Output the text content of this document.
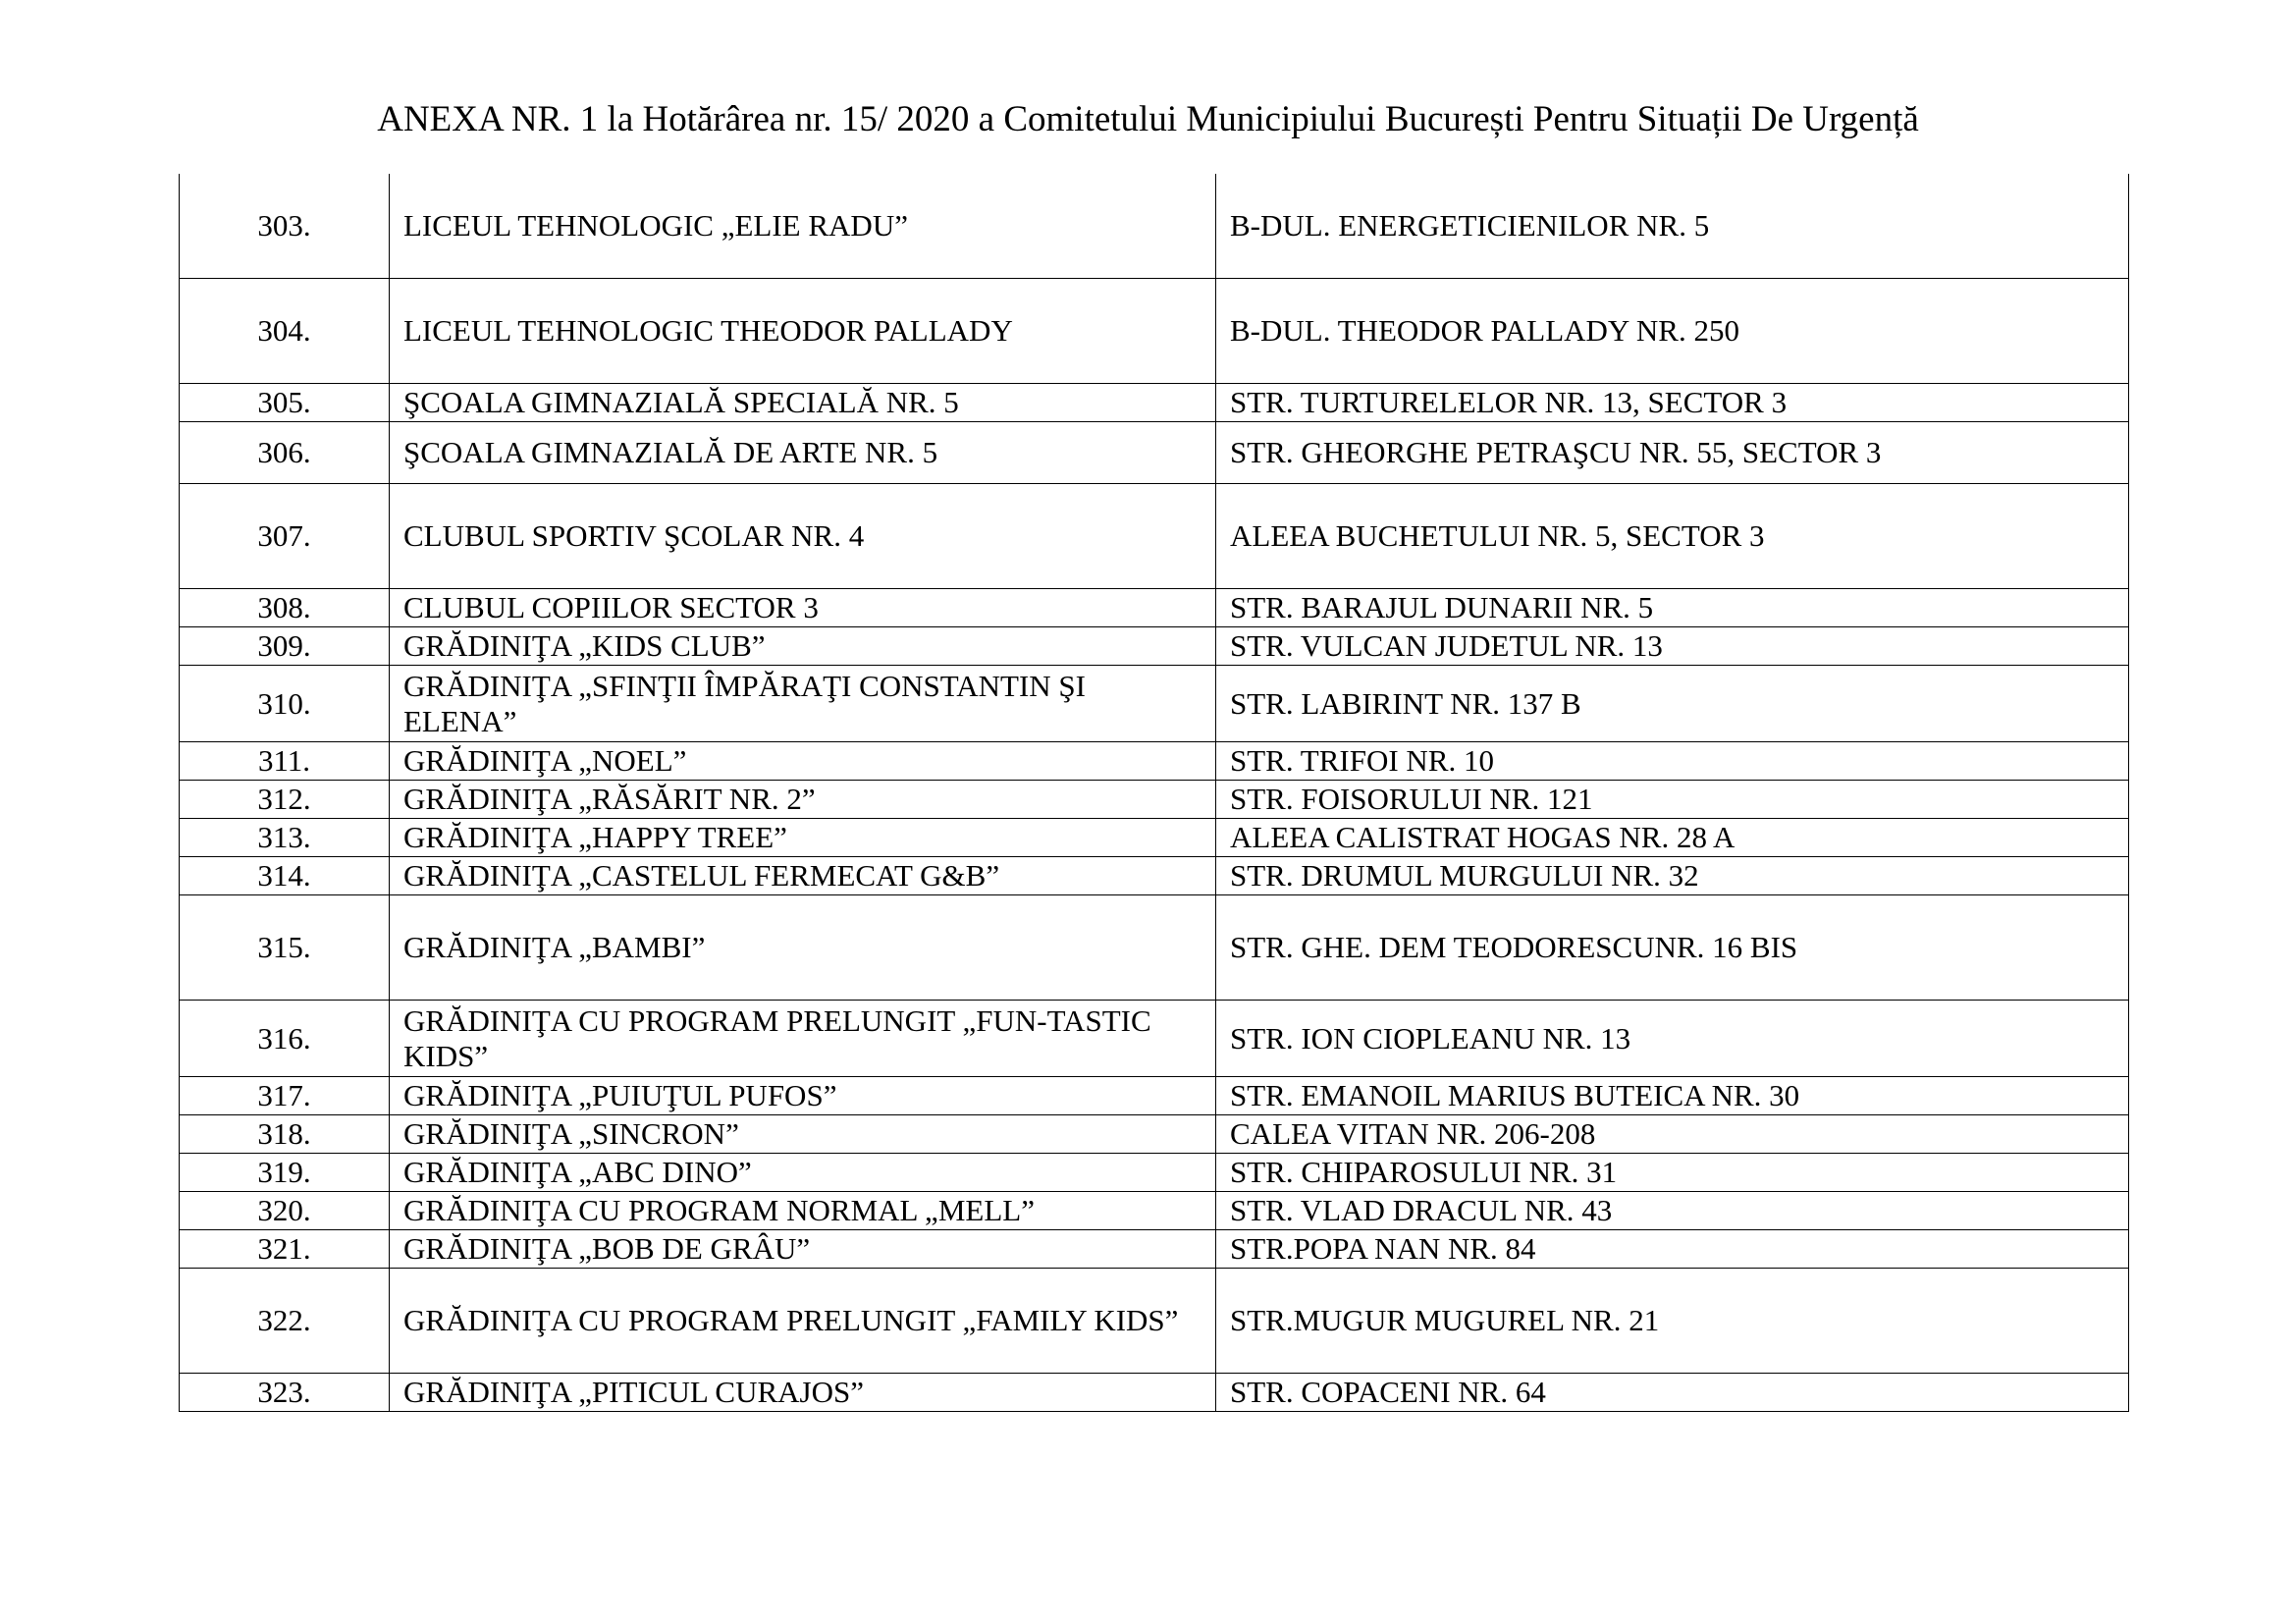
ANEXA NR. 1 la Hotărârea nr. 15/ 2020 a Comitetului Municipiului București Pentru Situații De Urgență
303.	LICEUL TEHNOLOGIC „ELIE RADU”	B-DUL. ENERGETICIENILOR NR. 5
304.	LICEUL TEHNOLOGIC THEODOR PALLADY	B-DUL. THEODOR PALLADY NR. 250
305.	ŞCOALA GIMNAZIALĂ SPECIALĂ NR. 5	STR. TURTURELELOR NR. 13, SECTOR 3
306.	ŞCOALA GIMNAZIALĂ DE ARTE NR. 5	STR. GHEORGHE PETRAŞCU NR. 55, SECTOR 3
307.	CLUBUL SPORTIV ŞCOLAR NR. 4	ALEEA BUCHETULUI NR. 5, SECTOR 3
308.	CLUBUL COPIILOR SECTOR 3	STR. BARAJUL DUNARII NR. 5
309.	GRĂDINIŢA „KIDS CLUB”	STR. VULCAN JUDETUL NR. 13
310.	GRĂDINIŢA „SFINŢII ÎMPĂRAŢI CONSTANTIN ŞI ELENA”	STR. LABIRINT NR. 137 B
311.	GRĂDINIŢA „NOEL”	STR. TRIFOI NR. 10
312.	GRĂDINIŢA „RĂSĂRIT NR. 2”	STR. FOISORULUI NR. 121
313.	GRĂDINIŢA „HAPPY TREE”	ALEEA CALISTRAT HOGAS NR. 28 A
314.	GRĂDINIŢA „CASTELUL FERMECAT G&B”	STR. DRUMUL MURGULUI NR. 32
315.	GRĂDINIŢA „BAMBI”	STR. GHE. DEM TEODORESCUNR. 16 BIS
316.	GRĂDINIŢA CU PROGRAM PRELUNGIT „FUN-TASTIC KIDS”	STR. ION CIOPLEANU NR. 13
317.	GRĂDINIŢA „PUIUŢUL PUFOS”	STR. EMANOIL MARIUS BUTEICA NR. 30
318.	GRĂDINIŢA „SINCRON”	CALEA VITAN NR. 206-208
319.	GRĂDINIŢA „ABC DINO”	STR. CHIPAROSULUI NR. 31
320.	GRĂDINIŢA CU PROGRAM NORMAL „MELL”	STR. VLAD DRACUL NR. 43
321.	GRĂDINIŢA „BOB DE GRÂU”	STR.POPA NAN NR. 84
322.	GRĂDINIŢA CU PROGRAM PRELUNGIT „FAMILY KIDS”	STR.MUGUR MUGUREL NR. 21
323.	GRĂDINIŢA „PITICUL CURAJOS”	STR. COPACENI NR. 64
